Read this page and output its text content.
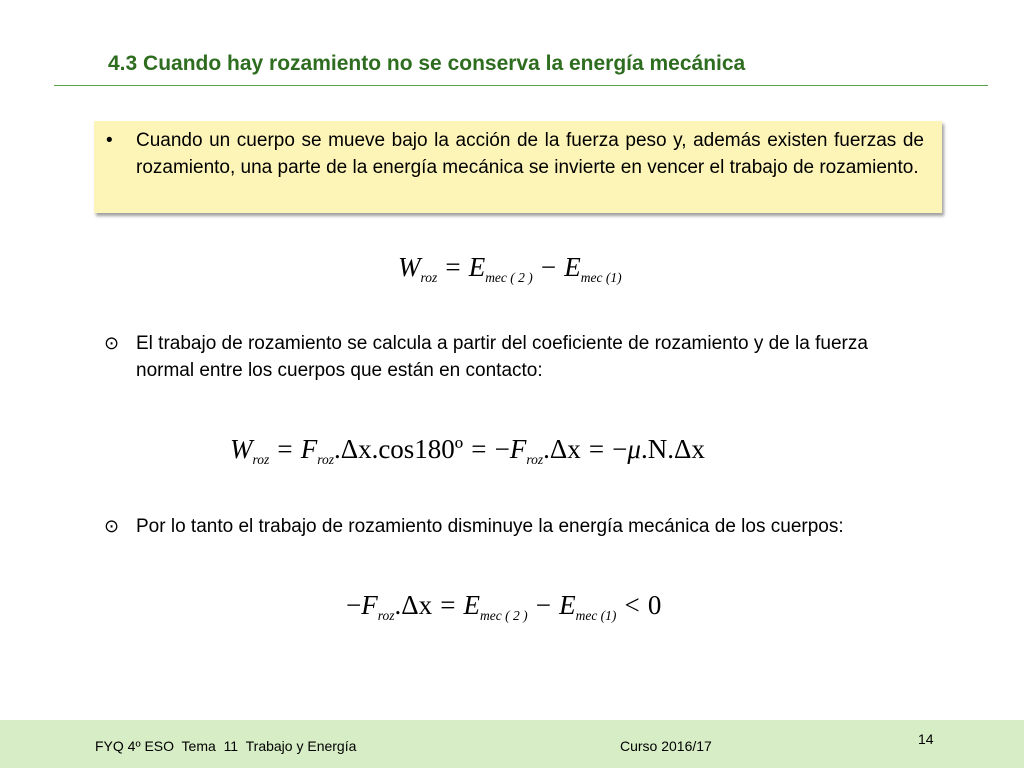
4.3 Cuando hay rozamiento no se conserva la energía mecánica
• Cuando un cuerpo se mueve bajo la acción de la fuerza peso y, además existen fuerzas de rozamiento, una parte de la energía mecánica se invierte en vencer el trabajo de rozamiento.

$W_{roz} = E_{mec ( 2 )} - E_{mec (1)}$
⊙ El trabajo de rozamiento se calcula a partir del coeficiente de rozamiento y de la fuerza normal entre los cuerpos que están en contacto:

$W_{roz}$ = $F_{roz}.\Delta x.\cos 180º = -F_{roz}.\Delta x = -\mu.N.\Delta x$
⊙ Por lo tanto el trabajo de rozamiento disminuye la energía mecánica de los cuerpos:

$-F_{roz}.\Delta x = E_{mec ( 2 )} - E_{mec (1)} < 0$
FYQ 4º ESO  Tema  11  Trabajo y Energía	Curso 2016/17	14
